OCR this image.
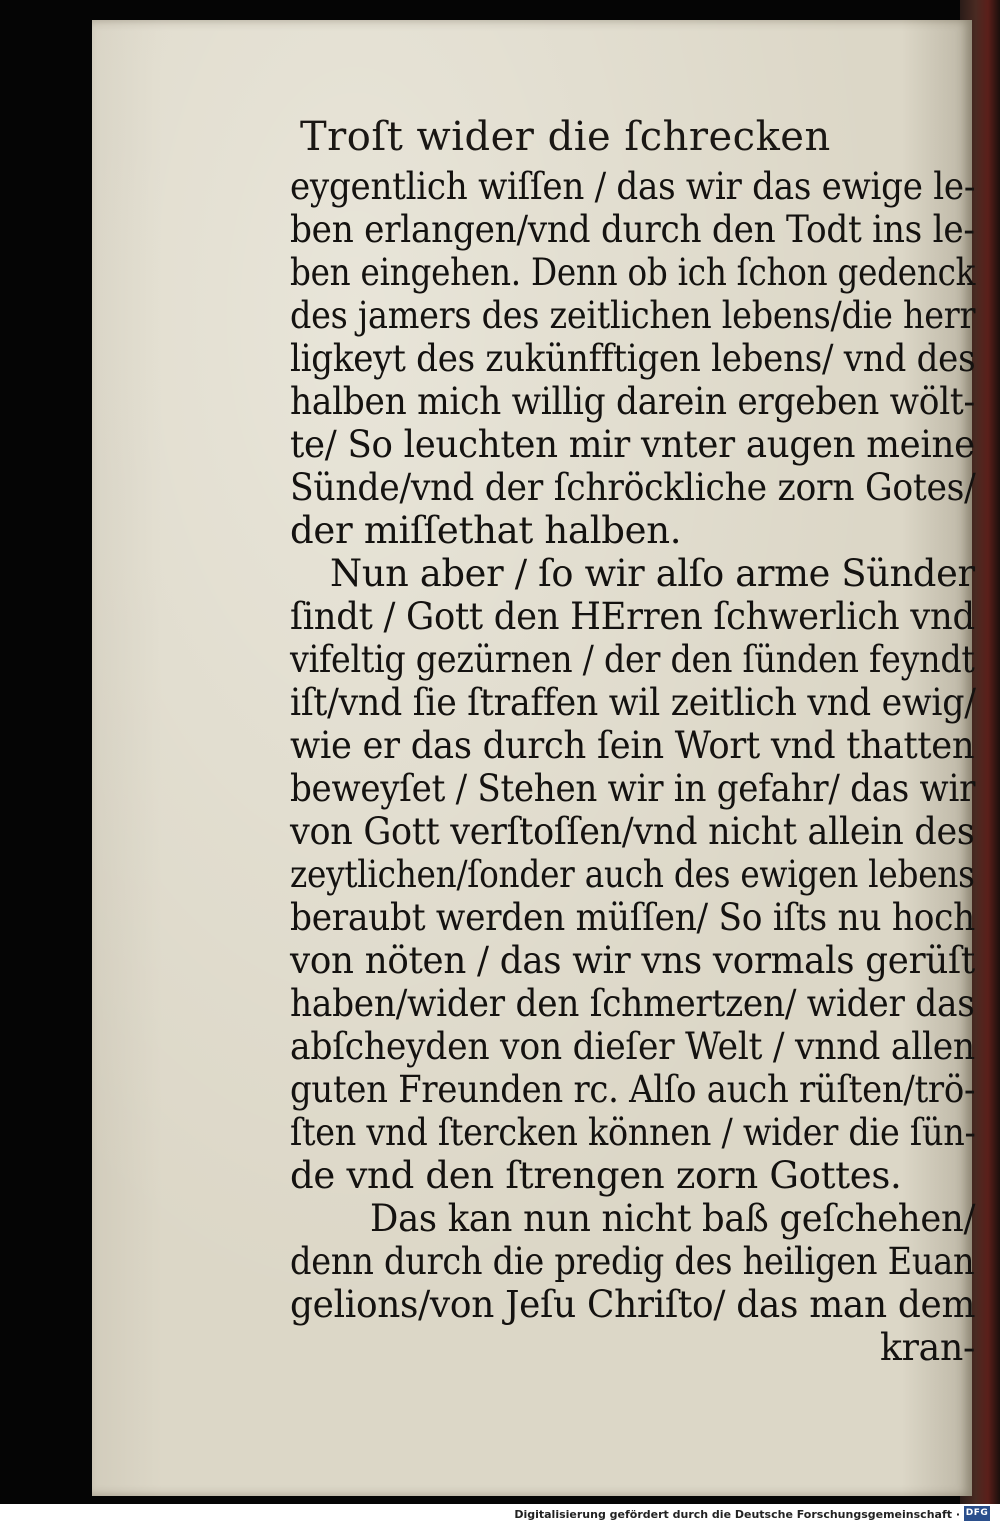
Troſt wider die ſchrecken
eygentlich wiſſen / das wir das ewige le-
ben erlangen/vnd durch den Todt ins le-
ben eingehen. Denn ob ich ſchon gedenck
des jamers des zeitlichen lebens/die herr
ligkeyt des zukünfftigen lebens/ vnd des
halben mich willig darein ergeben wölt-
te/ So leuchten mir vnter augen meine
Sünde/vnd der ſchröckliche zorn Gotes/
der miſſethat halben.
Nun aber / ſo wir alſo arme Sünder
ſindt / Gott den HErren ſchwerlich vnd
vifeltig gezürnen / der den ſünden feyndt
iſt/vnd ſie ſtraffen wil zeitlich vnd ewig/
wie er das durch ſein Wort vnd thatten
beweyſet / Stehen wir in gefahr/ das wir
von Gott verſtoſſen/vnd nicht allein des
zeytlichen/ſonder auch des ewigen lebens
beraubt werden müſſen/ So iſts nu hoch
von nöten / das wir vns vormals gerüſt
haben/wider den ſchmertzen/ wider das
abſcheyden von dieſer Welt / vnnd allen
guten Freunden rc. Alſo auch rüſten/trö-
ſten vnd ſtercken können / wider die ſün-
de vnd den ſtrengen zorn Gottes.
Das kan nun nicht baß geſchehen/
denn durch die predig des heiligen Euan
gelions/von Jeſu Chriſto/ das man dem
kran-
Digitalisierung gefördert durch die Deutsche Forschungsgemeinschaft · DFG
